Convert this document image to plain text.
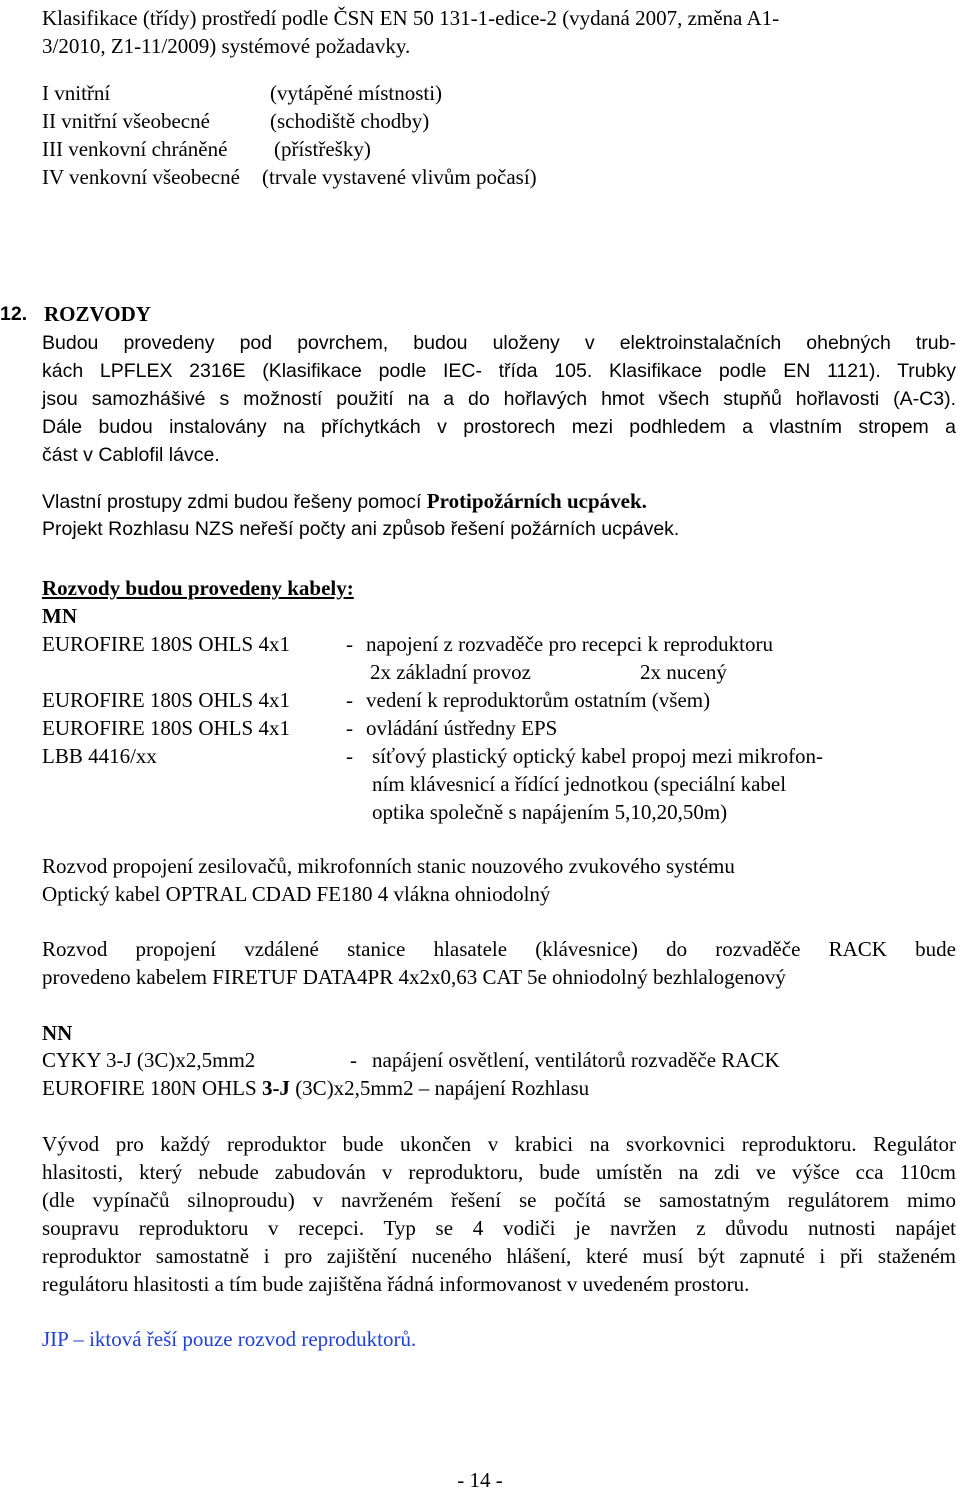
Klasifikace (třídy) prostředí podle ČSN EN 50 131-1-edice-2 (vydaná 2007, změna A1-
3/2010, Z1-11/2009) systémové požadavky.
I vnitřní	(vytápěné místnosti)
II vnitřní všeobecné	(schodiště chodby)
III venkovní chráněné (přístřešky)
IV venkovní všeobecné (trvale vystavené vlivům počasí)
12. ROZVODY
Budou provedeny pod povrchem, budou uloženy v elektroinstalačních ohebných trub-
kách LPFLEX 2316E (Klasifikace podle IEC- třída 105. Klasifikace podle EN 1121). Trubky
jsou samozhášivé s možností použití na a do hořlavých hmot všech stupňů hořlavosti (A-C3).
Dále budou instalovány na příchytkách v prostorech mezi podhledem a vlastním stropem a
část v Cablofil lávce.
Vlastní prostupy zdmi budou řešeny pomocí Protipožárních ucpávek.
Projekt Rozhlasu NZS neřeší počty ani způsob řešení požárních ucpávek.
Rozvody budou provedeny kabely:
MN
EUROFIRE 180S OHLS 4x1	- napojení z rozvaděče pro recepci k reproduktoru
2x základní provoz	2x nucený
EUROFIRE 180S OHLS 4x1	- vedení k reproduktorům ostatním (všem)
EUROFIRE 180S OHLS 4x1	- ovládání ústředny EPS
LBB 4416/xx	- síťový plastický optický kabel propoj mezi mikrofon-
ním klávesnicí a řídící jednotkou (speciální kabel
optika společně s napájením 5,10,20,50m)
Rozvod propojení zesilovačů, mikrofonních stanic nouzového zvukového systému
Optický kabel OPTRAL CDAD FE180 4 vlákna ohniodolný
Rozvod propojení vzdálené stanice hlasatele (klávesnice) do rozvaděče RACK bude
provedeno kabelem FIRETUF DATA4PR 4x2x0,63 CAT 5e ohniodolný bezhlalogenový
NN
CYKY 3-J (3C)x2,5mm2	- napájení osvětlení, ventilátorů rozvaděče RACK
EUROFIRE 180N OHLS 3-J (3C)x2,5mm2 – napájení Rozhlasu
Vývod pro každý reproduktor bude ukončen v krabici na svorkovnici reproduktoru. Regulátor
hlasitosti, který nebude zabudován v reproduktoru, bude umístěn na zdi ve výšce cca 110cm
(dle vypínačů silnoproudu) v navrženém řešení se počítá se samostatným regulátorem mimo
soupravu reproduktoru v recepci. Typ se 4 vodiči je navržen z důvodu nutnosti napájet
reproduktor samostatně i pro zajištění nuceného hlášení, které musí být zapnuté i při staženém
regulátoru hlasitosti a tím bude zajištěna řádná informovanost v uvedeném prostoru.
JIP – iktová řeší pouze rozvod reproduktorů.
- 14 -
